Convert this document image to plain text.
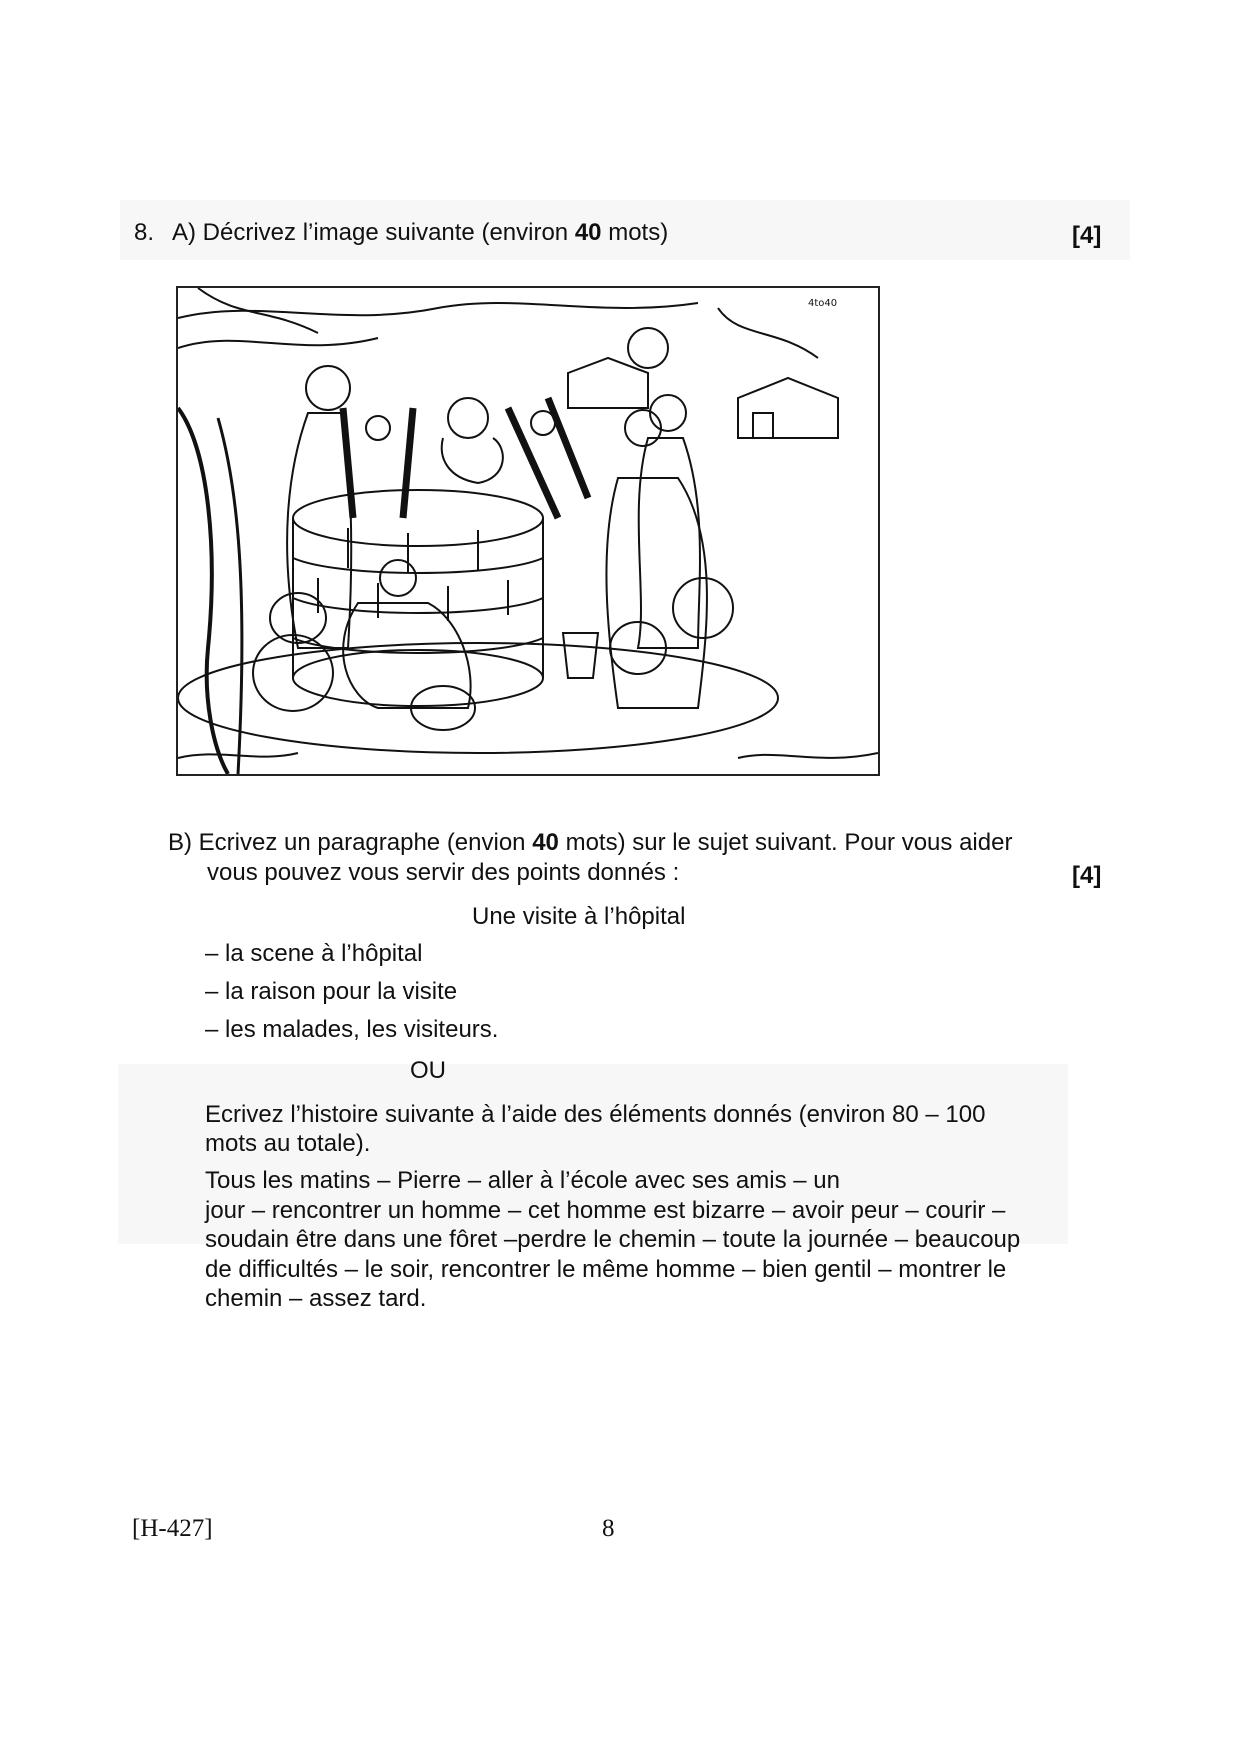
8. A) Décrivez l’image suivante (environ 40 mots)	[4]
4to40
B) Ecrivez un paragraphe (envion 40 mots) sur le sujet suivant. Pour vous aider
vous pouvez vous servir des points donnés :	[4]
Une visite à l’hôpital
– la scene à l’hôpital
– la raison pour la visite
– les malades, les visiteurs.
OU
Ecrivez l’histoire suivante à l’aide des éléments donnés (environ 80 – 100
mots au totale).
Tous les matins – Pierre – aller à l’école avec ses amis – un
jour – rencontrer un homme – cet homme est bizarre – avoir peur – courir –
soudain être dans une fôret –perdre le chemin – toute la journée – beaucoup
de difficultés – le soir, rencontrer le même homme – bien gentil – montrer le
chemin – assez tard.
[H-427]	8
